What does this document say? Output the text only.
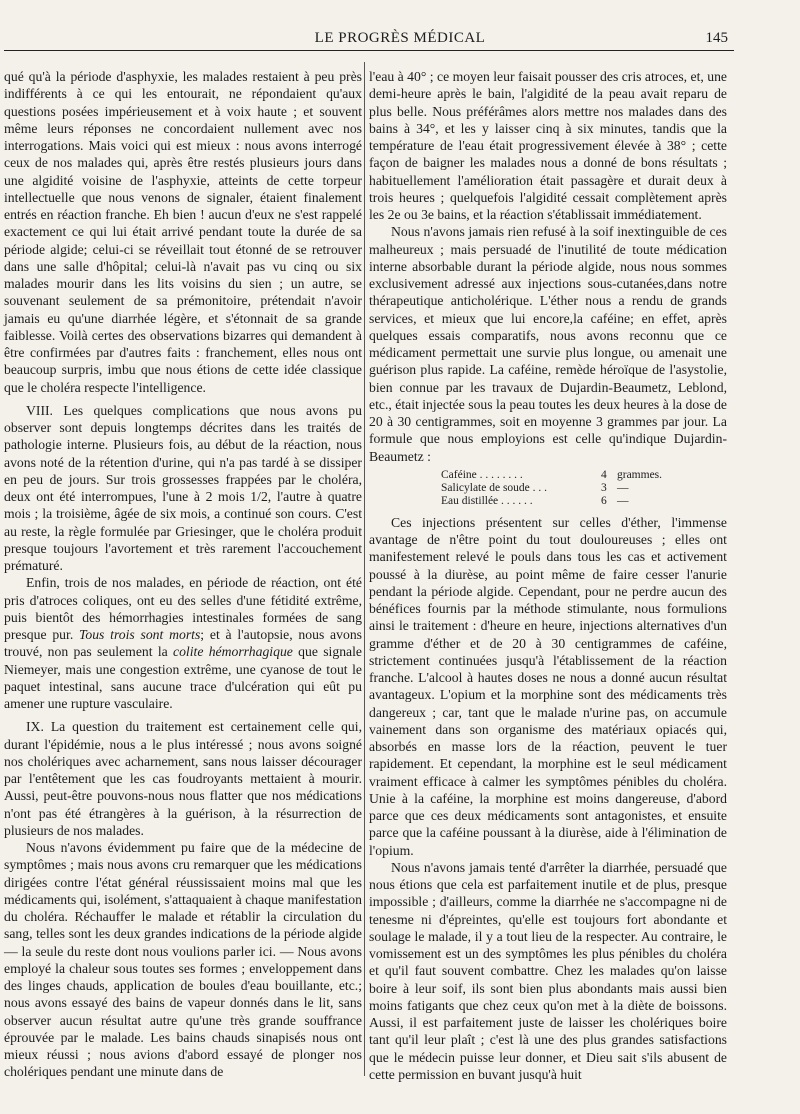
LE PROGRÈS MÉDICAL	145

qué qu'à la période d'asphyxie, les malades restaient à peu près indifférents à ce qui les entourait, ne répondaient qu'aux questions posées impérieusement et à voix haute ; et souvent même leurs réponses ne concordaient nullement avec nos interrogations. Mais voici qui est mieux : nous avons interrogé ceux de nos malades qui, après être restés plusieurs jours dans une algidité voisine de l'asphyxie, atteints de cette torpeur intellectuelle que nous venons de signaler, étaient finalement entrés en réaction franche. Eh bien ! aucun d'eux ne s'est rappelé exactement ce qui lui était arrivé pendant toute la durée de sa période algide; celui-ci se réveillait tout étonné de se retrouver dans une salle d'hôpital; celui-là n'avait pas vu cinq ou six malades mourir dans les lits voisins du sien ; un autre, se souvenant seulement de sa prémonitoire, prétendait n'avoir jamais eu qu'une diarrhée légère, et s'étonnait de sa grande faiblesse. Voilà certes des observations bizarres qui demandent à être confirmées par d'autres faits : franchement, elles nous ont beaucoup surpris, imbu que nous étions de cette idée classique que le choléra respecte l'intelligence.

VIII. Les quelques complications que nous avons pu observer sont depuis longtemps décrites dans les traités de pathologie interne. Plusieurs fois, au début de la réaction, nous avons noté de la rétention d'urine, qui n'a pas tardé à se dissiper en peu de jours. Sur trois grossesses frappées par le choléra, deux ont été interrompues, l'une à 2 mois 1/2, l'autre à quatre mois ; la troisième, âgée de six mois, a continué son cours. C'est au reste, la règle formulée par Griesinger, que le choléra produit presque toujours l'avortement et très rarement l'accouchement prématuré.

Enfin, trois de nos malades, en période de réaction, ont été pris d'atroces coliques, ont eu des selles d'une fétidité extrême, puis bientôt des hémorrhagies intestinales formées de sang presque pur. Tous trois sont morts; et à l'autopsie, nous avons trouvé, non pas seulement la colite hémorrhagique que signale Niemeyer, mais une congestion extrême, une cyanose de tout le paquet intestinal, sans aucune trace d'ulcération qui eût pu amener une rupture vasculaire.

IX. La question du traitement est certainement celle qui, durant l'épidémie, nous a le plus intéressé ; nous avons soigné nos cholériques avec acharnement, sans nous laisser décourager par l'entêtement que les cas foudroyants mettaient à mourir. Aussi, peut-être pouvons-nous nous flatter que nos médications n'ont pas été étrangères à la guérison, à la résurrection de plusieurs de nos malades.

Nous n'avons évidemment pu faire que de la médecine de symptômes ; mais nous avons cru remarquer que les médications dirigées contre l'état général réussissaient moins mal que les médicaments qui, isolément, s'attaquaient à chaque manifestation du choléra. Réchauffer le malade et rétablir la circulation du sang, telles sont les deux grandes indications de la période algide — la seule du reste dont nous voulions parler ici. — Nous avons employé la chaleur sous toutes ses formes ; enveloppement dans des linges chauds, application de boules d'eau bouillante, etc.; nous avons essayé des bains de vapeur donnés dans le lit, sans observer aucun résultat autre qu'une très grande souffrance éprouvée par le malade. Les bains chauds sinapisés nous ont mieux réussi ; nous avions d'abord essayé de plonger nos cholériques pendant une minute dans de

l'eau à 40° ; ce moyen leur faisait pousser des cris atroces, et, une demi-heure après le bain, l'algidité de la peau avait reparu de plus belle. Nous préférâmes alors mettre nos malades dans des bains à 34°, et les y laisser cinq à six minutes, tandis que la température de l'eau était progressivement élevée à 38° ; cette façon de baigner les malades nous a donné de bons résultats ; habituellement l'amélioration était passagère et durait deux à trois heures ; quelquefois l'algidité cessait complètement après les 2e ou 3e bains, et la réaction s'établissait immédiatement.

Nous n'avons jamais rien refusé à la soif inextinguible de ces malheureux ; mais persuadé de l'inutilité de toute médication interne absorbable durant la période algide, nous nous sommes exclusivement adressé aux injections sous-cutanées,dans notre thérapeutique anticholérique. L'éther nous a rendu de grands services, et mieux que lui encore,la caféine; en effet, après quelques essais comparatifs, nous avons reconnu que ce médicament permettait une survie plus longue, ou amenait une guérison plus rapide. La caféine, remède héroïque de l'asystolie, bien connue par les travaux de Dujardin-Beaumetz, Leblond, etc., était injectée sous la peau toutes les deux heures à la dose de 20 à 30 centigrammes, soit en moyenne 3 grammes par jour. La formule que nous employions est celle qu'indique Dujardin-Beaumetz :

Caféine . . . . . . . .	4 grammes.
Salicylate de soude . . .	3 —
Eau distillée . . . . . .	6 —

Ces injections présentent sur celles d'éther, l'immense avantage de n'être point du tout douloureuses ; elles ont manifestement relevé le pouls dans tous les cas et activement poussé à la diurèse, au point même de faire cesser l'anurie pendant la période algide. Cependant, pour ne perdre aucun des bénéfices fournis par la méthode stimulante, nous formulions ainsi le traitement : d'heure en heure, injections alternatives d'un gramme d'éther et de 20 à 30 centigrammes de caféine, strictement continuées jusqu'à l'établissement de la réaction franche. L'alcool à hautes doses ne nous a donné aucun résultat avantageux. L'opium et la morphine sont des médicaments très dangereux ; car, tant que le malade n'urine pas, on accumule vainement dans son organisme des matériaux opiacés qui, absorbés en masse lors de la réaction, peuvent le tuer rapidement. Et cependant, la morphine est le seul médicament vraiment efficace à calmer les symptômes pénibles du choléra. Unie à la caféine, la morphine est moins dangereuse, d'abord parce que ces deux médicaments sont antagonistes, et ensuite parce que la caféine poussant à la diurèse, aide à l'élimination de l'opium.

Nous n'avons jamais tenté d'arrêter la diarrhée, persuadé que nous étions que cela est parfaitement inutile et de plus, presque impossible ; d'ailleurs, comme la diarrhée ne s'accompagne ni de tenesme ni d'épreintes, qu'elle est toujours fort abondante et soulage le malade, il y a tout lieu de la respecter. Au contraire, le vomissement est un des symptômes les plus pénibles du choléra et qu'il faut souvent combattre. Chez les malades qu'on laisse boire à leur soif, ils sont bien plus abondants mais aussi bien moins fatigants que chez ceux qu'on met à la diète de boissons. Aussi, il est parfaitement juste de laisser les cholériques boire tant qu'il leur plaît ; c'est là une des plus grandes satisfactions que le médecin puisse leur donner, et Dieu sait s'ils abusent de cette permission en buvant jusqu'à huit
